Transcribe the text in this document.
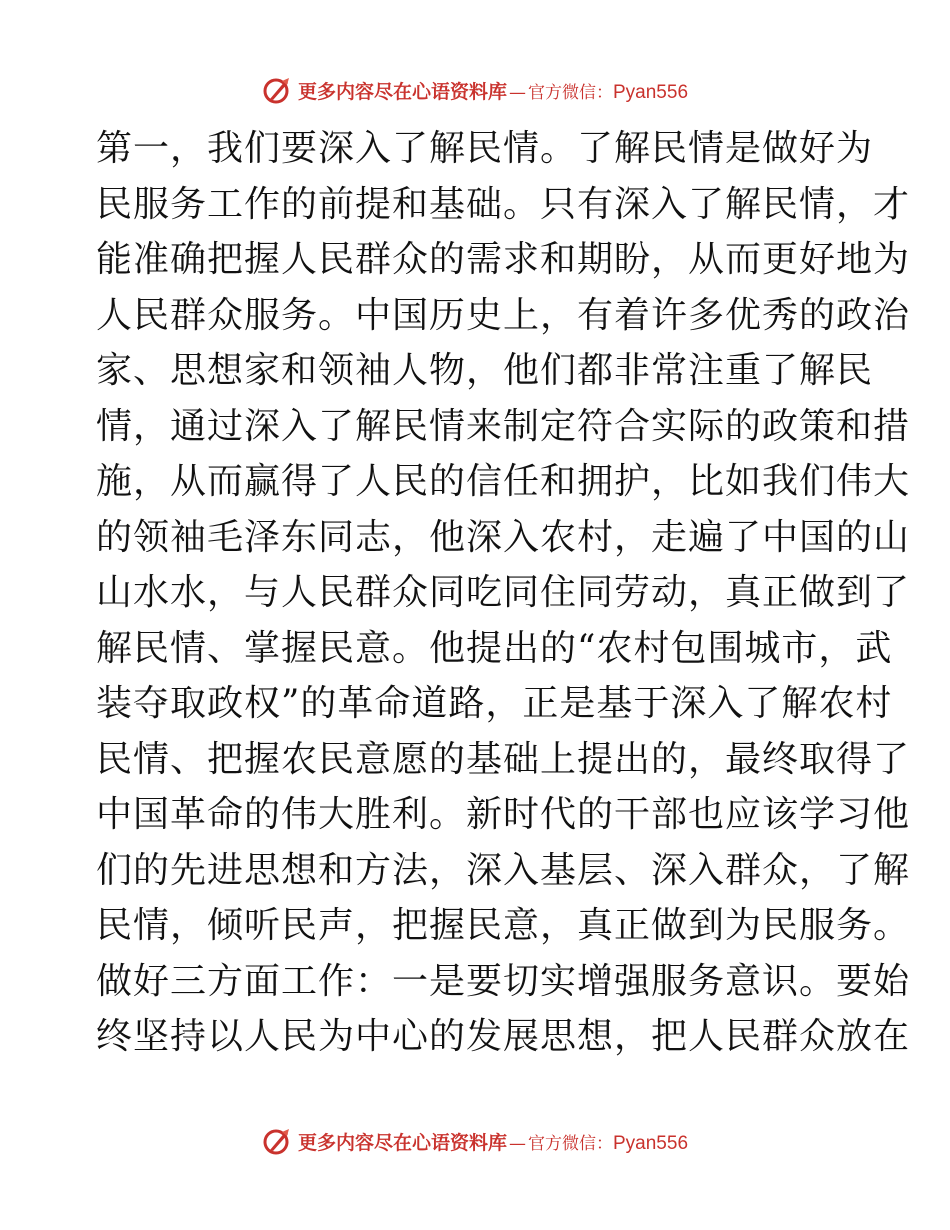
更多内容尽在心语资料库 — 官方微信： Pyan556
第一，我们要深入了解民情。了解民情是做好为
民服务工作的前提和基础。只有深入了解民情，才
能准确把握人民群众的需求和期盼，从而更好地为
人民群众服务。中国历史上，有着许多优秀的政治
家、思想家和领袖人物，他们都非常注重了解民
情，通过深入了解民情来制定符合实际的政策和措
施，从而赢得了人民的信任和拥护，比如我们伟大
的领袖毛泽东同志，他深入农村，走遍了中国的山
山水水，与人民群众同吃同住同劳动，真正做到了
解民情、掌握民意。他提出的“农村包围城市，武
装夺取政权”的革命道路，正是基于深入了解农村
民情、把握农民意愿的基础上提出的，最终取得了
中国革命的伟大胜利。新时代的干部也应该学习他
们的先进思想和方法，深入基层、深入群众，了解
民情，倾听民声，把握民意，真正做到为民服务。
做好三方面工作：一是要切实增强服务意识。要始
终坚持以人民为中心的发展思想，把人民群众放在
更多内容尽在心语资料库 — 官方微信： Pyan556
